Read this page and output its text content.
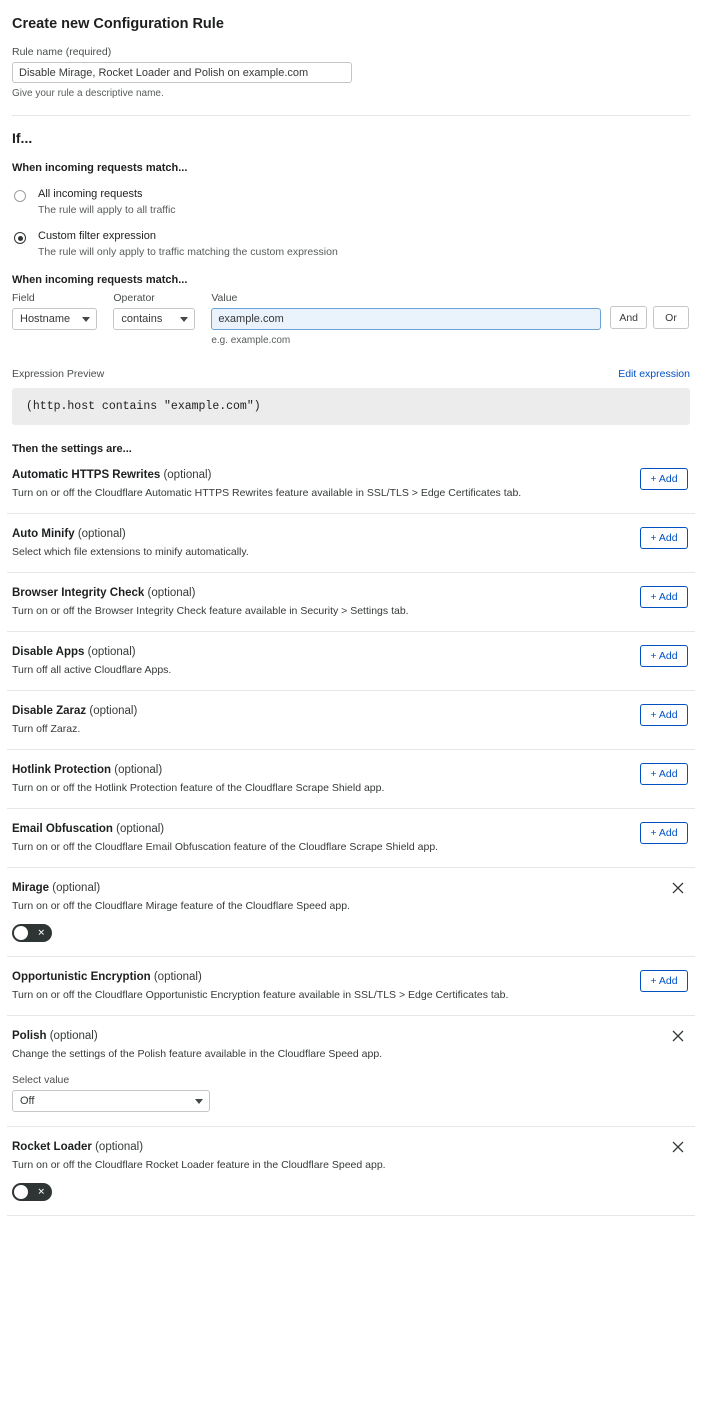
Create new Configuration Rule
Rule name (required)
Disable Mirage, Rocket Loader and Polish on example.com
Give your rule a descriptive name.
If...
When incoming requests match...
All incoming requests
The rule will apply to all traffic
Custom filter expression
The rule will only apply to traffic matching the custom expression
When incoming requests match...
Field
Hostname
Operator
contains
Value
example.com
e.g. example.com
And	Or
Expression Preview	Edit expression
(http.host contains "example.com")
Then the settings are...
Automatic HTTPS Rewrites (optional)
Turn on or off the Cloudflare Automatic HTTPS Rewrites feature available in SSL/TLS > Edge Certificates tab.
+ Add
Auto Minify (optional)
Select which file extensions to minify automatically.
+ Add
Browser Integrity Check (optional)
Turn on or off the Browser Integrity Check feature available in Security > Settings tab.
+ Add
Disable Apps (optional)
Turn off all active Cloudflare Apps.
+ Add
Disable Zaraz (optional)
Turn off Zaraz.
+ Add
Hotlink Protection (optional)
Turn on or off the Hotlink Protection feature of the Cloudflare Scrape Shield app.
+ Add
Email Obfuscation (optional)
Turn on or off the Cloudflare Email Obfuscation feature of the Cloudflare Scrape Shield app.
+ Add
Mirage (optional)
Turn on or off the Cloudflare Mirage feature of the Cloudflare Speed app.
✕
Opportunistic Encryption (optional)
Turn on or off the Cloudflare Opportunistic Encryption feature available in SSL/TLS > Edge Certificates tab.
+ Add
Polish (optional)
Change the settings of the Polish feature available in the Cloudflare Speed app.
Select value
Off
Rocket Loader (optional)
Turn on or off the Cloudflare Rocket Loader feature in the Cloudflare Speed app.
✕
